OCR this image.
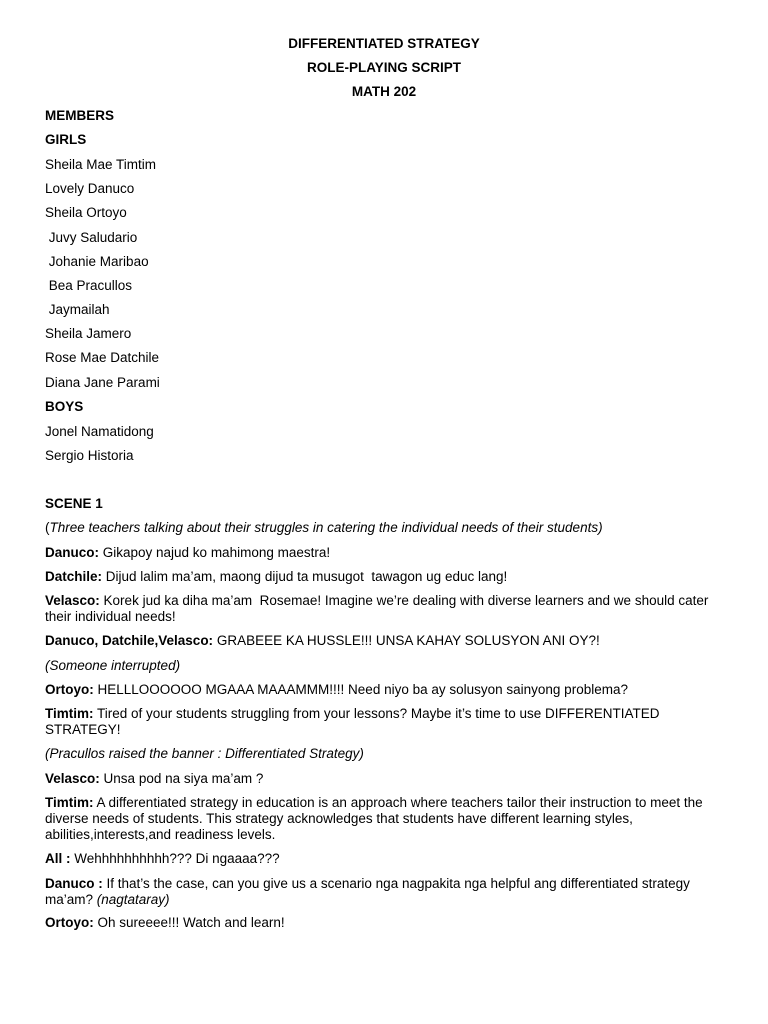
DIFFERENTIATED STRATEGY
ROLE-PLAYING SCRIPT
MATH 202
MEMBERS
GIRLS
Sheila Mae Timtim
Lovely Danuco
Sheila Ortoyo
Juvy Saludario
Johanie Maribao
Bea Pracullos
Jaymailah
Sheila Jamero
Rose Mae Datchile
Diana Jane Parami
BOYS
Jonel Namatidong
Sergio Historia
SCENE 1
(Three teachers talking about their struggles in catering the individual needs of their students)
Danuco: Gikapoy najud ko mahimong maestra!
Datchile: Dijud lalim ma’am, maong dijud ta musugot  tawagon ug educ lang!
Velasco: Korek jud ka diha ma’am  Rosemae! Imagine we’re dealing with diverse learners and we should cater their individual needs!
Danuco, Datchile,Velasco: GRABEEE KA HUSSLE!!! UNSA KAHAY SOLUSYON ANI OY?!
(Someone interrupted)
Ortoyo: HELLLOOOOOO MGAAA MAAAMMM!!!! Need niyo ba ay solusyon sainyong problema?
Timtim: Tired of your students struggling from your lessons? Maybe it’s time to use DIFFERENTIATED STRATEGY!
(Pracullos raised the banner : Differentiated Strategy)
Velasco: Unsa pod na siya ma’am ?
Timtim: A differentiated strategy in education is an approach where teachers tailor their instruction to meet the diverse needs of students. This strategy acknowledges that students have different learning styles, abilities,interests,and readiness levels.
All : Wehhhhhhhhhh??? Di ngaaaa???
Danuco : If that’s the case, can you give us a scenario nga nagpakita nga helpful ang differentiated strategy ma’am? (nagtataray)
Ortoyo: Oh sureeee!!! Watch and learn!
